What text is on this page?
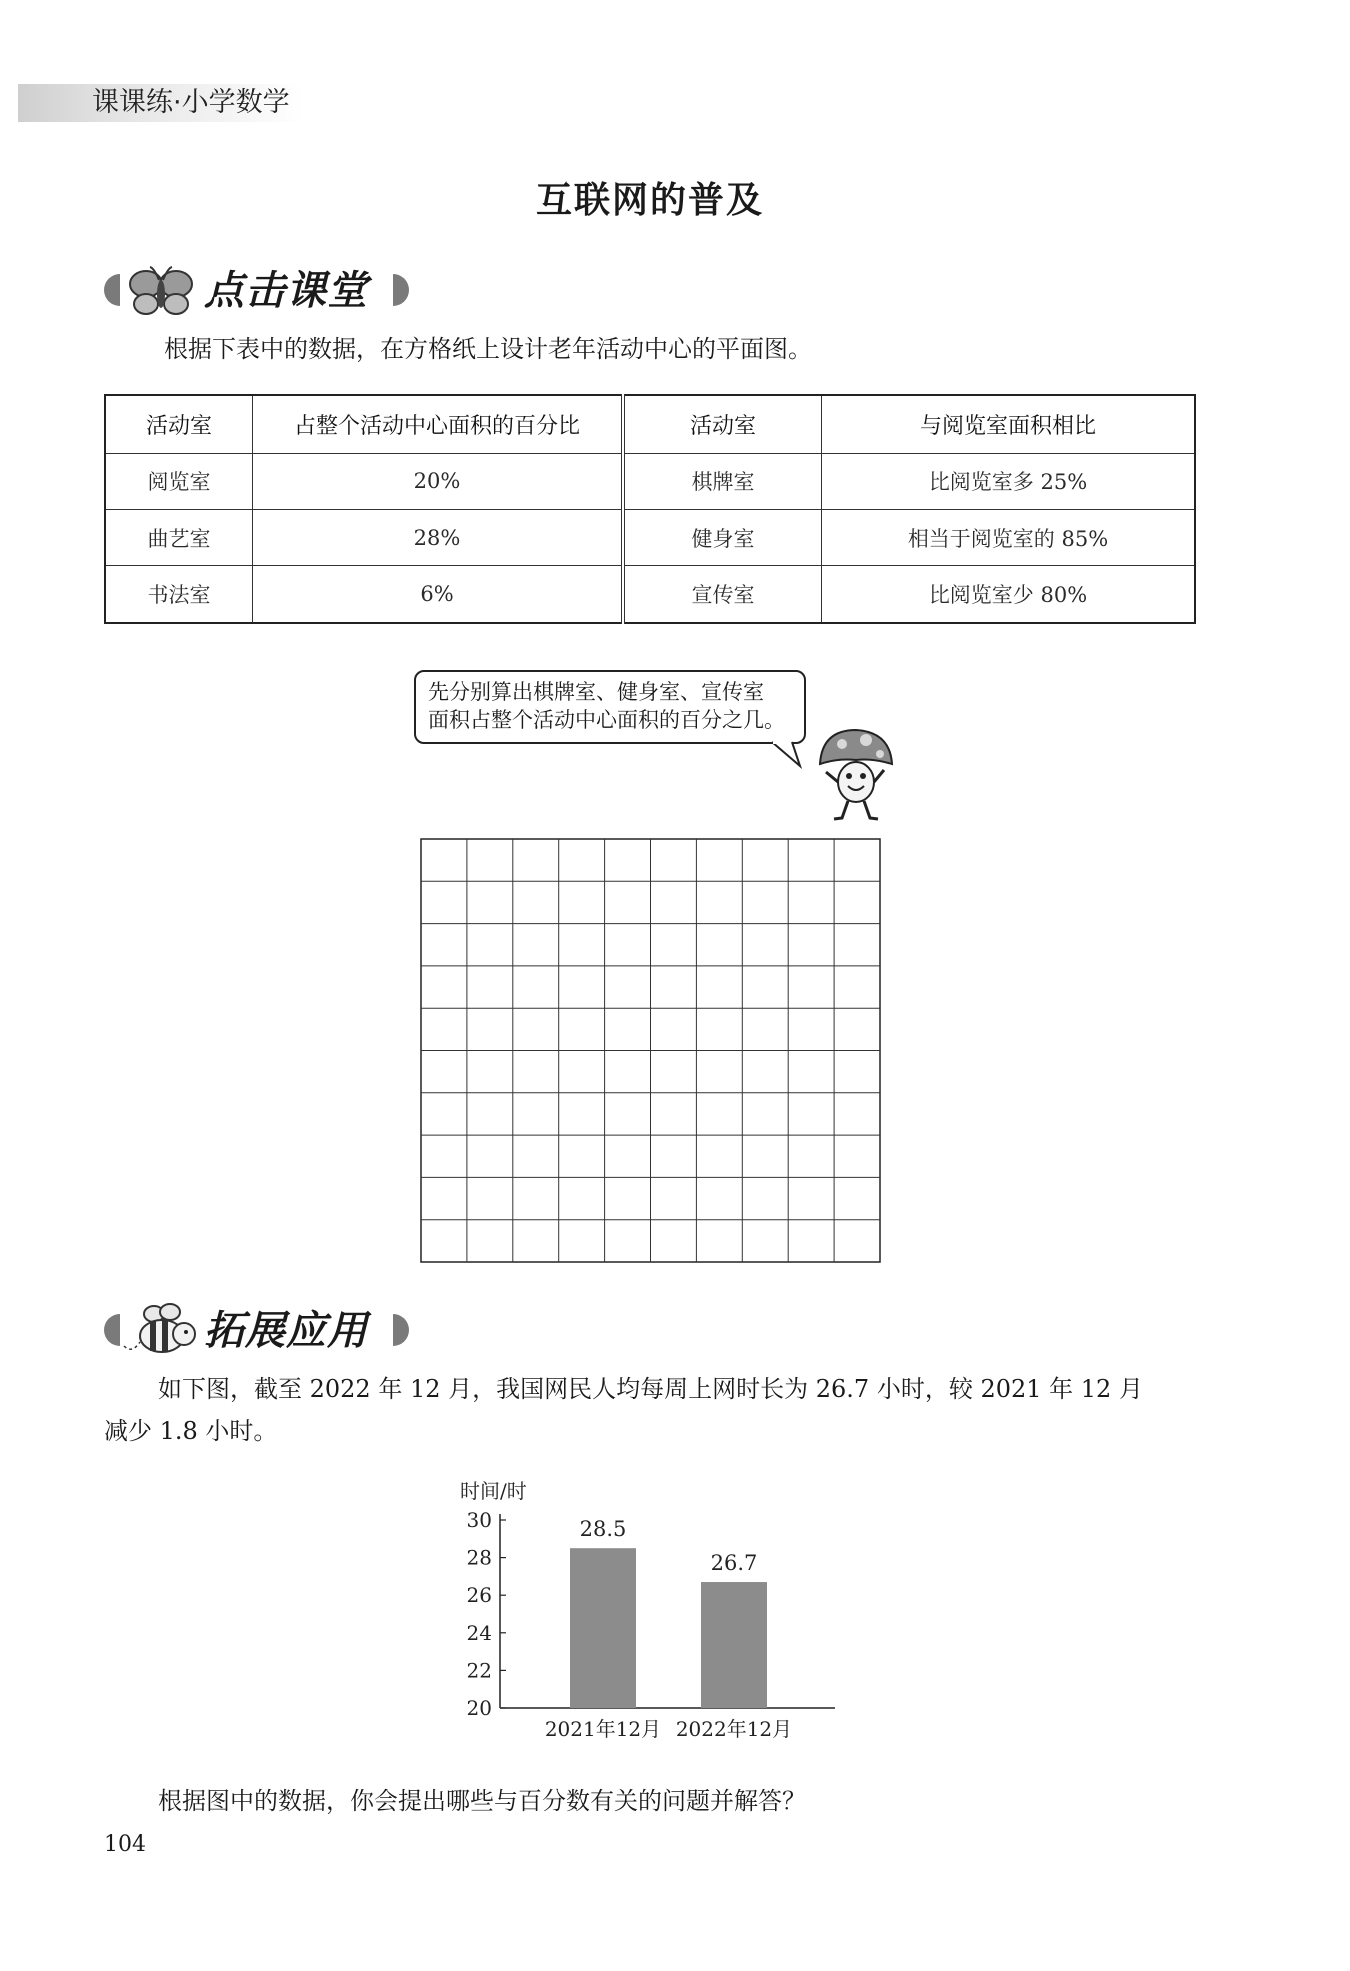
课课练·小学数学
互联网的普及
点击课堂
根据下表中的数据，在方格纸上设计老年活动中心的平面图。
活动室	占整个活动中心面积的百分比	活动室	与阅览室面积相比
阅览室	20%	棋牌室	比阅览室多 25%
曲艺室	28%	健身室	相当于阅览室的 85%
书法室	6%	宣传室	比阅览室少 80%
先分别算出棋牌室、健身室、宣传室
面积占整个活动中心面积的百分之几。
拓展应用
如下图，截至 2022 年 12 月，我国网民人均每周上网时长为 26.7 小时，较 2021 年 12 月
减少 1.8 小时。
时间/时
20
22
24
26
28
30	28.5
2021年12月
26.7
2022年12月
根据图中的数据，你会提出哪些与百分数有关的问题并解答？
104
